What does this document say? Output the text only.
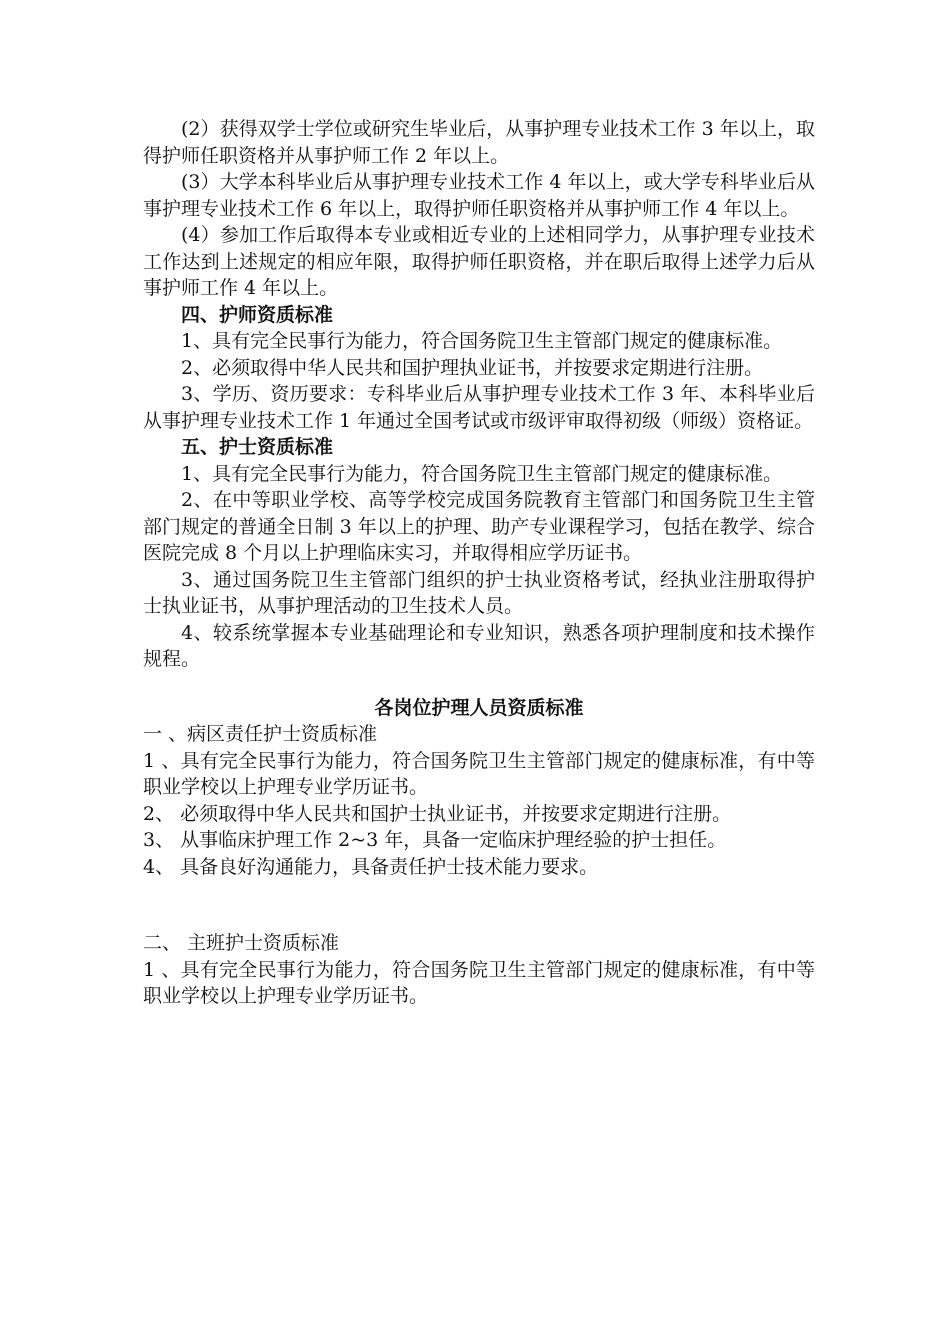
(2）获得双学士学位或研究生毕业后，从事护理专业技术工作 3 年以上，取得护师任职资格并从事护师工作 2 年以上。

(3）大学本科毕业后从事护理专业技术工作 4 年以上，或大学专科毕业后从事护理专业技术工作 6 年以上，取得护师任职资格并从事护师工作 4 年以上。

(4）参加工作后取得本专业或相近专业的上述相同学力，从事护理专业技术工作达到上述规定的相应年限，取得护师任职资格，并在职后取得上述学力后从事护师工作 4 年以上。

四、护师资质标准

1、具有完全民事行为能力，符合国务院卫生主管部门规定的健康标准。

2、必须取得中华人民共和国护理执业证书，并按要求定期进行注册。

3、学历、资历要求：专科毕业后从事护理专业技术工作 3 年、本科毕业后从事护理专业技术工作 1 年通过全国考试或市级评审取得初级（师级）资格证。

五、护士资质标准

1、具有完全民事行为能力，符合国务院卫生主管部门规定的健康标准。

2、在中等职业学校、高等学校完成国务院教育主管部门和国务院卫生主管部门规定的普通全日制 3 年以上的护理、助产专业课程学习，包括在教学、综合医院完成 8 个月以上护理临床实习，并取得相应学历证书。

3、通过国务院卫生主管部门组织的护士执业资格考试，经执业注册取得护士执业证书，从事护理活动的卫生技术人员。

4、较系统掌握本专业基础理论和专业知识，熟悉各项护理制度和技术操作规程。

各岗位护理人员资质标准

一 、病区责任护士资质标准

1 、具有完全民事行为能力，符合国务院卫生主管部门规定的健康标准，有中等职业学校以上护理专业学历证书。

2、 必须取得中华人民共和国护士执业证书，并按要求定期进行注册。

3、 从事临床护理工作 2~3 年，具备一定临床护理经验的护士担任。

4、 具备良好沟通能力，具备责任护士技术能力要求。

二、 主班护士资质标准

1 、具有完全民事行为能力，符合国务院卫生主管部门规定的健康标准，有中等职业学校以上护理专业学历证书。
